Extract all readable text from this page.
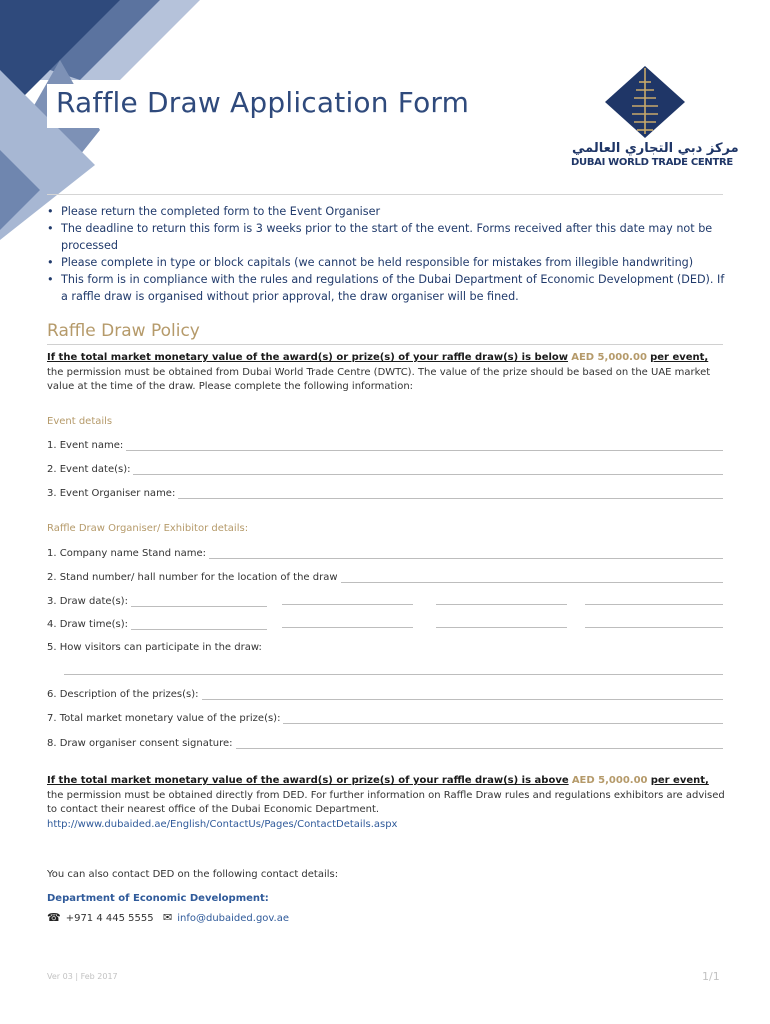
Raffle Draw Application Form
مركز دبي التجاري العالمي
DUBAI WORLD TRADE CENTRE
• Please return the completed form to the Event Organiser
• The deadline to return this form is 3 weeks prior to the start of the event. Forms received after this date may not be processed
• Please complete in type or block capitals (we cannot be held responsible for mistakes from illegible handwriting)
• This form is in compliance with the rules and regulations of the Dubai Department of Economic Development (DED). If a raffle draw is organised without prior approval, the draw organiser will be fined.
Raffle Draw Policy
If the total market monetary value of the award(s) or prize(s) of your raffle draw(s) is below AED 5,000.00 per event, the permission must be obtained from Dubai World Trade Centre (DWTC). The value of the prize should be based on the UAE market value at the time of the draw. Please complete the following information:
Event details
1. Event name:
2. Event date(s):
3. Event Organiser name:
Raffle Draw Organiser/ Exhibitor details:
1. Company name Stand name:
2. Stand number/ hall number for the location of the draw
3. Draw date(s):
4. Draw time(s):
5. How visitors can participate in the draw:
6. Description of the prizes(s):
7. Total market monetary value of the prize(s):
8. Draw organiser consent signature:
If the total market monetary value of the award(s) or prize(s) of your raffle draw(s) is above AED 5,000.00 per event, the permission must be obtained directly from DED. For further information on Raffle Draw rules and regulations exhibitors are advised to contact their nearest office of the Dubai Economic Department.
http://www.dubaided.ae/English/ContactUs/Pages/ContactDetails.aspx
You can also contact DED on the following contact details:
Department of Economic Development:
☎ +971 4 445 5555 ✉ info@dubaided.gov.ae
Ver 03 | Feb 2017	1/1
